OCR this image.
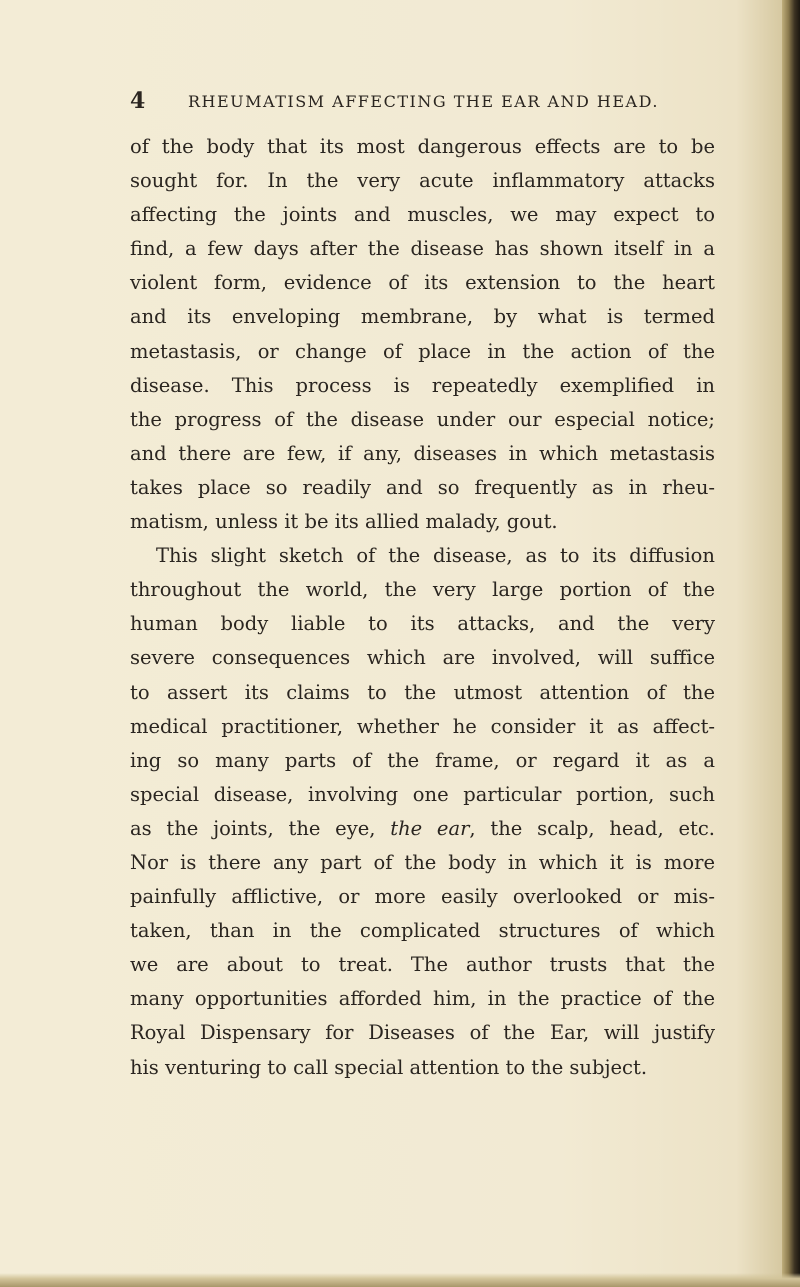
4	RHEUMATISM AFFECTING THE EAR AND HEAD.
of the body that its most dangerous effects are to be
sought for. In the very acute inflammatory attacks
affecting the joints and muscles, we may expect to
find, a few days after the disease has shown itself in a
violent form, evidence of its extension to the heart
and its enveloping membrane, by what is termed
metastasis, or change of place in the action of the
disease. This process is repeatedly exemplified in
the progress of the disease under our especial notice;
and there are few, if any, diseases in which metastasis
takes place so readily and so frequently as in rheu-
matism, unless it be its allied malady, gout.
This slight sketch of the disease, as to its diffusion
throughout the world, the very large portion of the
human body liable to its attacks, and the very
severe consequences which are involved, will suffice
to assert its claims to the utmost attention of the
medical practitioner, whether he consider it as affect-
ing so many parts of the frame, or regard it as a
special disease, involving one particular portion, such
as the joints, the eye, the ear, the scalp, head, etc.
Nor is there any part of the body in which it is more
painfully afflictive, or more easily overlooked or mis-
taken, than in the complicated structures of which
we are about to treat. The author trusts that the
many opportunities afforded him, in the practice of the
Royal Dispensary for Diseases of the Ear, will justify
his venturing to call special attention to the subject.
